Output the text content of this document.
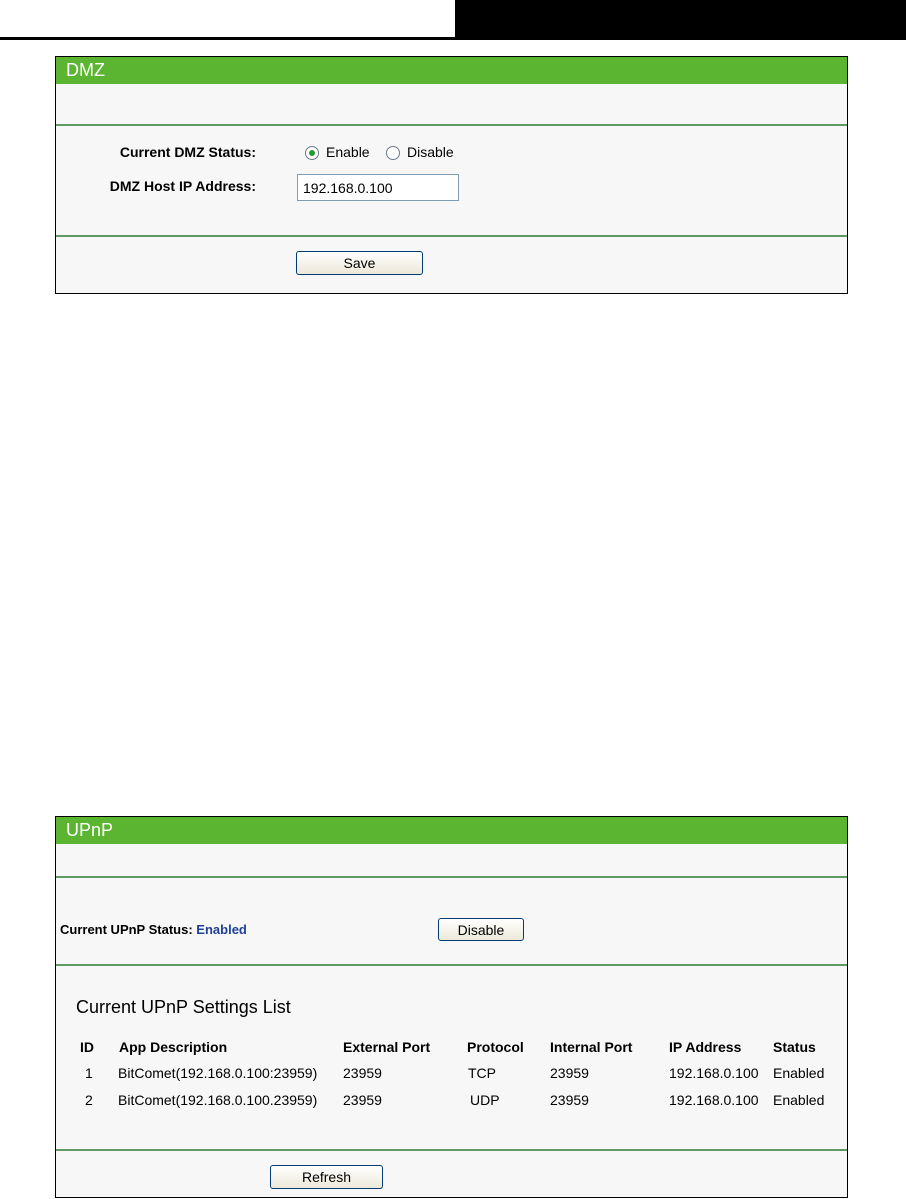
DMZ
Current DMZ Status:	Enable	Disable
DMZ Host IP Address:
192.168.0.100
Save
UPnP
Current UPnP Status: Enabled	Disable
Current UPnP Settings List
ID	App Description	External Port	Protocol	Internal Port	IP Address	Status
1	BitComet(192.168.0.100:23959)	23959	TCP	23959	192.168.0.100	Enabled
2	BitComet(192.168.0.100.23959)	23959	UDP	23959	192.168.0.100	Enabled
Refresh
